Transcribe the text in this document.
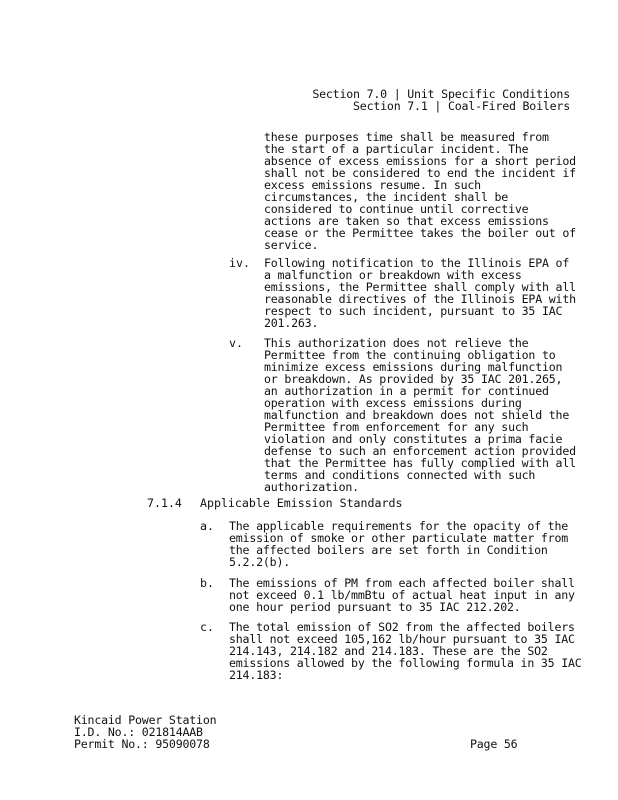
Section 7.0 | Unit Specific Conditions
Section 7.1 | Coal-Fired Boilers
these purposes time shall be measured from
the start of a particular incident. The
absence of excess emissions for a short period
shall not be considered to end the incident if
excess emissions resume. In such
circumstances, the incident shall be
considered to continue until corrective
actions are taken so that excess emissions
cease or the Permittee takes the boiler out of
service.
iv. Following notification to the Illinois EPA of
a malfunction or breakdown with excess
emissions, the Permittee shall comply with all
reasonable directives of the Illinois EPA with
respect to such incident, pursuant to 35 IAC
201.263.
v. This authorization does not relieve the
Permittee from the continuing obligation to
minimize excess emissions during malfunction
or breakdown. As provided by 35 IAC 201.265,
an authorization in a permit for continued
operation with excess emissions during
malfunction and breakdown does not shield the
Permittee from enforcement for any such
violation and only constitutes a prima facie
defense to such an enforcement action provided
that the Permittee has fully complied with all
terms and conditions connected with such
authorization.
7.1.4 Applicable Emission Standards
a. The applicable requirements for the opacity of the
emission of smoke or other particulate matter from
the affected boilers are set forth in Condition
5.2.2(b).
b. The emissions of PM from each affected boiler shall
not exceed 0.1 lb/mmBtu of actual heat input in any
one hour period pursuant to 35 IAC 212.202.
c. The total emission of SO2 from the affected boilers
shall not exceed 105,162 lb/hour pursuant to 35 IAC
214.143, 214.182 and 214.183. These are the SO2
emissions allowed by the following formula in 35 IAC
214.183:
Kincaid Power Station
I.D. No.: 021814AAB
Permit No.: 95090078	Page 56
